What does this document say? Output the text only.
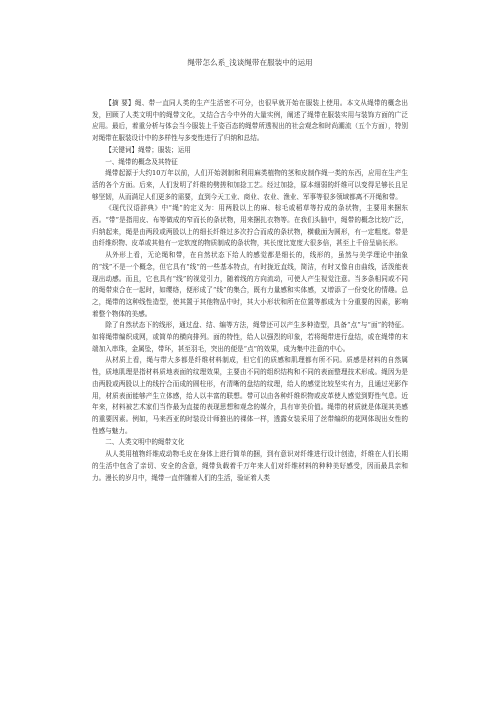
绳带怎么系_浅谈绳带在服装中的运用

【摘 要】绳、带一直同人类的生产生活密不可分，也很早就开始在服装上使用。本文从绳带的概念出发，回顾了人类文明中的绳带文化，又结合古今中外的大量实例，阐述了绳带在服装实用与装饰方面的广泛应用。最后，着重分析与体会当今服装上千姿百态的绳带所透视出的社会观念和时尚潮流（五个方面），特别对绳带在服装设计中的多样性与多变性进行了归纳和总结。

【关键词】绳带；服装；运用

一、绳带的概念及其特征

绳带起源于大约10万年以前，人们开始剥制和利用麻类植物的茎和皮制作绳一类的东西，应用在生产生活的各个方面。后来，人们发明了纤维的劈搓和加捻工艺。经过加捻，原本细弱的纤维可以变得足够长且足够坚韧，从而满足人们更多的需要，直到今天工业、商业、农业、渔业、军事等很多领域都离不开绳和带。

《现代汉语辞典》中“绳”的定义为：用两股以上的麻、棕毛或稻草等拧成的条状物，主要用来捆东西。“带”是指用皮、布等做成的窄而长的条状物，用来捆扎衣物等。在我们头脑中，绳带的概念比较广泛，归纳起来，绳是由两段或两股以上的细长纤维过多次拧合而成的条状物，横截面为圆形，有一定粗度。带是由纤维织物、皮革或其他有一定软度的物质制成的条状物，其长度比宽度大很多倍，甚至上千倍呈扁长形。

从外形上看，无论绳和带，在自然状态下给人的感觉都是细长的，线形的，虽然与美学理论中抽象的“线”不是一个概念，但它具有“线”的一些基本特点，有时拢近直线，简洁，有时又像自由曲线，活泼能表现出动感。而且，它也具有“线”的视觉引力，随着线的方向流动，可使人产生视觉注意。当多条相同或不同的绳带束合在一起时，如缨络，便形成了“线”的集合，既有力量感和实体感，又增添了一份变化的情趣。总之，绳带的这种线性造型，使其置于其他物品中时，其大小形状和所在位置等都成为十分重要的因素，影响着整个物体的美感。

除了自然状态下的线形，通过盘、结、编等方法，绳带还可以产生多种造型，具备“点”与“面”的特征。如将绳带编织成网，或简单的横向排列。面的特性，给人以强烈的印象，若将绳带进行盘结，或在绳带的末端加入串珠，金属坠，带环，甚至羽毛，突出的便是“点”的效果，成为集中注意的中心。

从材质上看，绳与带大多都是纤维材料制成，但它们的质感和肌理都有所不同。质感是材料的自然属性，质地肌理是指材料质地表面的纹理效果，主要由不同的组织结构和不同的表面整理技术形成。绳因为是由两股或两股以上的线拧合而成的圆柱形，有清晰的盘结的纹理，给人的感觉比较坚实有力，且通过光影作用，材质表面能够产生立体感，给人以丰富的联想。带可以由各种纤维织物或皮革使人感觉到野性气息。近年来，材料被艺术家们当作最为直接的表现思想和观念的媒介，具有审美价值。绳带的材质就是体现其美感的重要因素。例如，马来西亚的时装设计师推出的裸体一样，透露女装采用了丝带编织的花网体现出女性的性感与魅力。

二、人类文明中的绳带文化

从人类用植物纤维成动物毛皮在身体上进行简单的捆，到有意识对纤维进行设计创造，纤维在人们长期的生活中包含了亲切、安全的含意，绳带负载着千万年来人们对纤维材料的种种美好感受，因而最具亲和力。漫长的岁月中，绳带一直伴随着人们的生活，验证着人类
